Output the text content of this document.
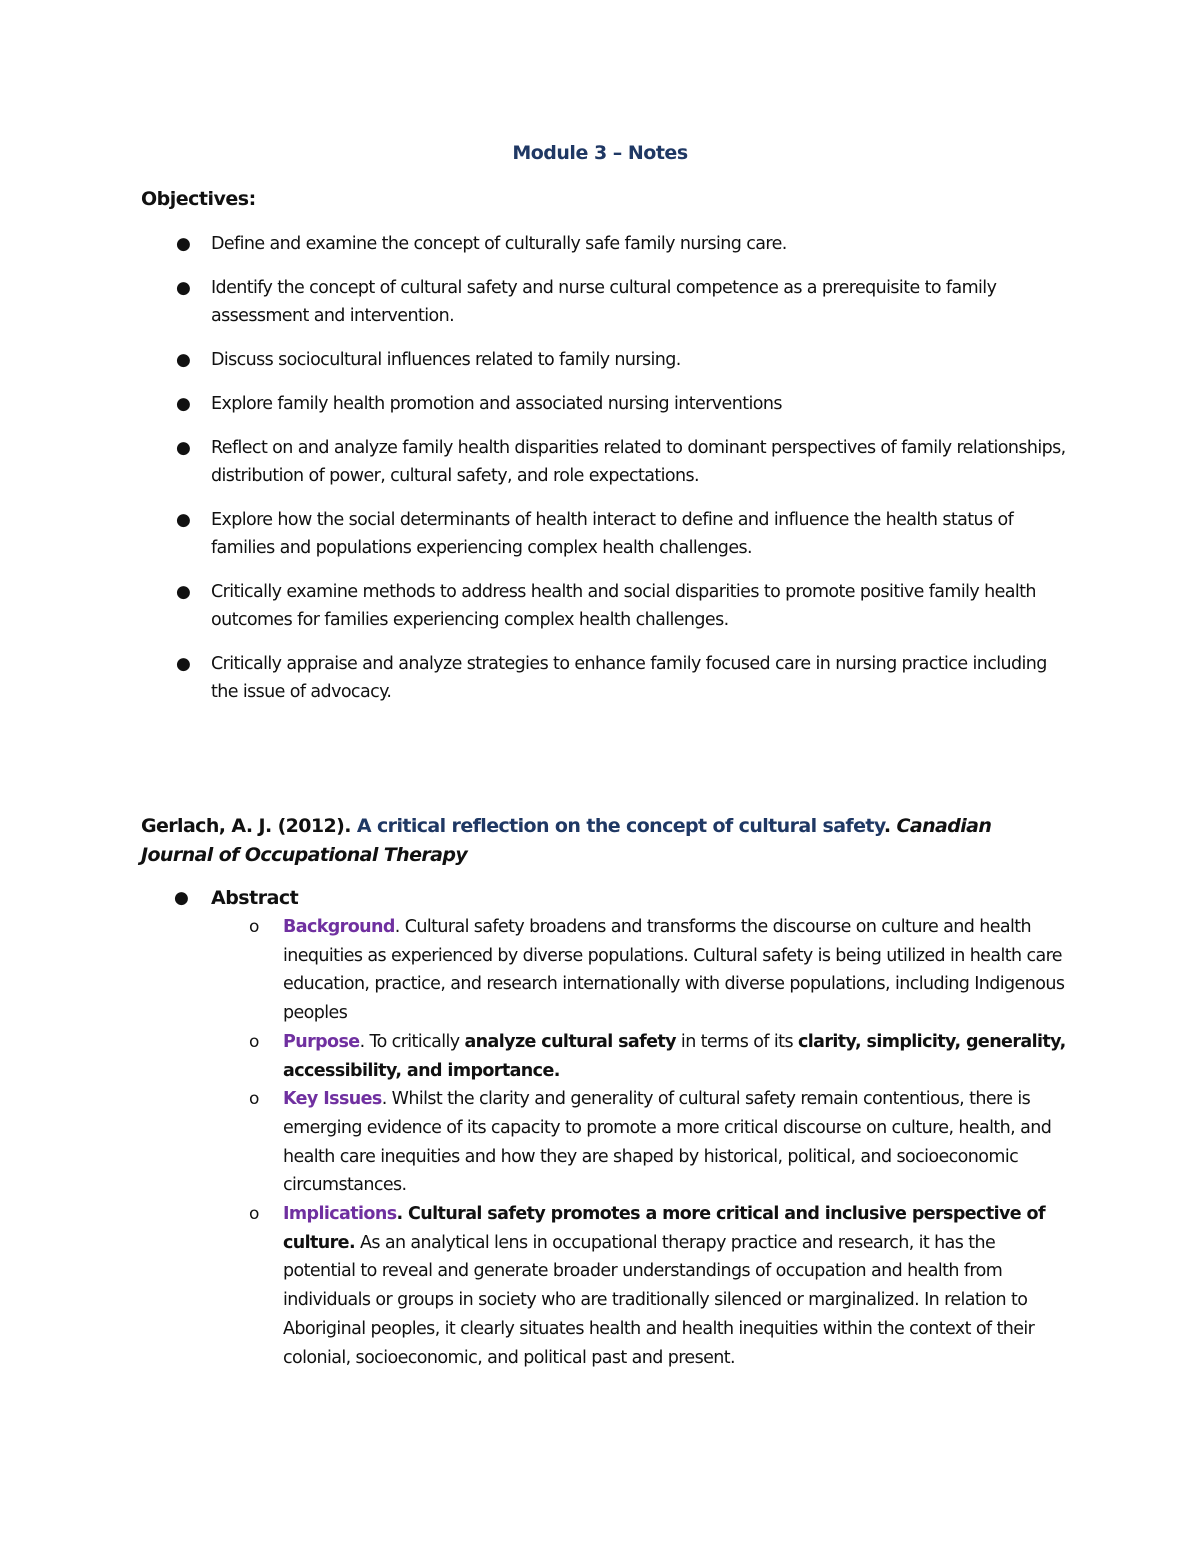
Module 3 – Notes

Objectives:

● Define and examine the concept of culturally safe family nursing care.
● Identify the concept of cultural safety and nurse cultural competence as a prerequisite to family assessment and intervention.
● Discuss sociocultural influences related to family nursing.
● Explore family health promotion and associated nursing interventions
● Reflect on and analyze family health disparities related to dominant perspectives of family relationships, distribution of power, cultural safety, and role expectations.
● Explore how the social determinants of health interact to define and influence the health status of families and populations experiencing complex health challenges.
● Critically examine methods to address health and social disparities to promote positive family health outcomes for families experiencing complex health challenges.
● Critically appraise and analyze strategies to enhance family focused care in nursing practice including the issue of advocacy.

Gerlach, A. J. (2012). A critical reflection on the concept of cultural safety. Canadian Journal of Occupational Therapy

● Abstract
o Background. Cultural safety broadens and transforms the discourse on culture and health inequities as experienced by diverse populations. Cultural safety is being utilized in health care education, practice, and research internationally with diverse populations, including Indigenous peoples
o Purpose. To critically analyze cultural safety in terms of its clarity, simplicity, generality, accessibility, and importance.
o Key Issues. Whilst the clarity and generality of cultural safety remain contentious, there is emerging evidence of its capacity to promote a more critical discourse on culture, health, and health care inequities and how they are shaped by historical, political, and socioeconomic circumstances.
o Implications. Cultural safety promotes a more critical and inclusive perspective of culture. As an analytical lens in occupational therapy practice and research, it has the potential to reveal and generate broader understandings of occupation and health from individuals or groups in society who are traditionally silenced or marginalized. In relation to Aboriginal peoples, it clearly situates health and health inequities within the context of their colonial, socioeconomic, and political past and present.
